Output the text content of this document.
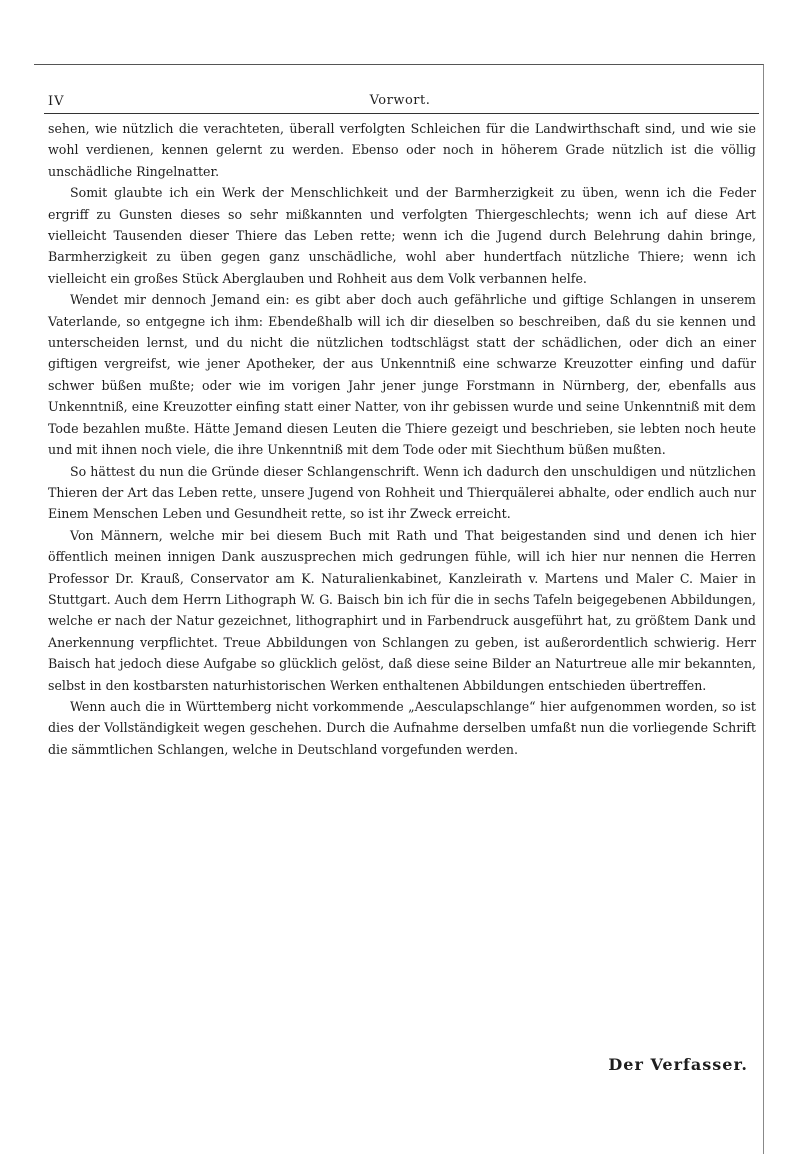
IV	Vorwort.

sehen, wie nützlich die verachteten, überall verfolgten Schleichen für die Landwirthschaft sind, und wie sie wohl verdienen, kennen gelernt zu werden. Ebenso oder noch in höherem Grade nützlich ist die völlig unschädliche Ringelnatter.

Somit glaubte ich ein Werk der Menschlichkeit und der Barmherzigkeit zu üben, wenn ich die Feder ergriff zu Gunsten dieses so sehr mißkannten und verfolgten Thiergeschlechts; wenn ich auf diese Art vielleicht Tausenden dieser Thiere das Leben rette; wenn ich die Jugend durch Belehrung dahin bringe, Barmherzigkeit zu üben gegen ganz unschädliche, wohl aber hundertfach nützliche Thiere; wenn ich vielleicht ein großes Stück Aberglauben und Rohheit aus dem Volk verbannen helfe.

Wendet mir dennoch Jemand ein: es gibt aber doch auch gefährliche und giftige Schlangen in unserem Vaterlande, so entgegne ich ihm: Ebendeßhalb will ich dir dieselben so beschreiben, daß du sie kennen und unterscheiden lernst, und du nicht die nützlichen todtschlägst statt der schädlichen, oder dich an einer giftigen vergreifst, wie jener Apotheker, der aus Unkenntniß eine schwarze Kreuzotter einfing und dafür schwer büßen mußte; oder wie im vorigen Jahr jener junge Forstmann in Nürnberg, der, ebenfalls aus Unkenntniß, eine Kreuzotter einfing statt einer Natter, von ihr gebissen wurde und seine Unkenntniß mit dem Tode bezahlen mußte. Hätte Jemand diesen Leuten die Thiere gezeigt und beschrieben, sie lebten noch heute und mit ihnen noch viele, die ihre Unkenntniß mit dem Tode oder mit Siechthum büßen mußten.

So hättest du nun die Gründe dieser Schlangenschrift. Wenn ich dadurch den unschuldigen und nützlichen Thieren der Art das Leben rette, unsere Jugend von Rohheit und Thierquälerei abhalte, oder endlich auch nur Einem Menschen Leben und Gesundheit rette, so ist ihr Zweck erreicht.

Von Männern, welche mir bei diesem Buch mit Rath und That beigestanden sind und denen ich hier öffentlich meinen innigen Dank auszusprechen mich gedrungen fühle, will ich hier nur nennen die Herren Professor Dr. Krauß, Conservator am K. Naturalienkabinet, Kanzleirath v. Martens und Maler C. Maier in Stuttgart. Auch dem Herrn Lithograph W. G. Baisch bin ich für die in sechs Tafeln beigegebenen Abbildungen, welche er nach der Natur gezeichnet, lithographirt und in Farbendruck ausgeführt hat, zu größtem Dank und Anerkennung verpflichtet. Treue Abbildungen von Schlangen zu geben, ist außerordentlich schwierig. Herr Baisch hat jedoch diese Aufgabe so glücklich gelöst, daß diese seine Bilder an Naturtreue alle mir bekannten, selbst in den kostbarsten naturhistorischen Werken enthaltenen Abbildungen entschieden übertreffen.

Wenn auch die in Württemberg nicht vorkommende „Aesculapschlange“ hier aufgenommen worden, so ist dies der Vollständigkeit wegen geschehen. Durch die Aufnahme derselben umfaßt nun die vorliegende Schrift die sämmtlichen Schlangen, welche in Deutschland vorgefunden werden.

Der Verfasser.
